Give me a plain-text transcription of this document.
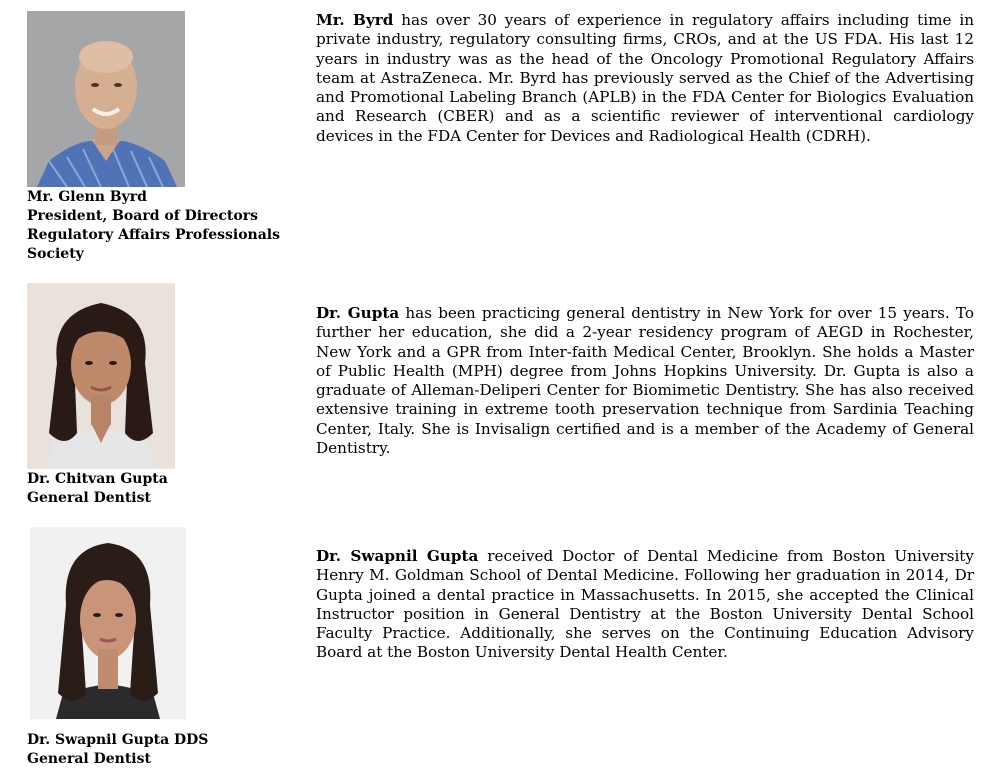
Mr. Glenn Byrd
President, Board of Directors
Regulatory Affairs Professionals
Society
Mr. Byrd has over 30 years of experience in regulatory affairs including time in private industry, regulatory consulting firms, CROs, and at the US FDA. His last 12 years in industry was as the head of the Oncology Promotional Regulatory Affairs team at AstraZeneca. Mr. Byrd has previously served as the Chief of the Advertising and Promotional Labeling Branch (APLB) in the FDA Center for Biologics Evaluation and Research (CBER) and as a scientific reviewer of interventional cardiology devices in the FDA Center for Devices and Radiological Health (CDRH).
Dr. Chitvan Gupta
General Dentist
Dr. Gupta has been practicing general dentistry in New York for over 15 years. To further her education, she did a 2-year residency program of AEGD in Rochester, New York and a GPR from Inter-faith Medical Center, Brooklyn. She holds a Master of Public Health (MPH) degree from Johns Hopkins University. Dr. Gupta is also a graduate of Alleman-Deliperi Center for Biomimetic Dentistry. She has also received extensive training in extreme tooth preservation technique from Sardinia Teaching Center, Italy. She is Invisalign certified and is a member of the Academy of General Dentistry.
Dr. Swapnil Gupta DDS
General Dentist
Dr. Swapnil Gupta received Doctor of Dental Medicine from Boston University Henry M. Goldman School of Dental Medicine. Following her graduation in 2014, Dr Gupta joined a dental practice in Massachusetts. In 2015, she accepted the Clinical Instructor position in General Dentistry at the Boston University Dental School Faculty Practice. Additionally, she serves on the Continuing Education Advisory Board at the Boston University Dental Health Center.
